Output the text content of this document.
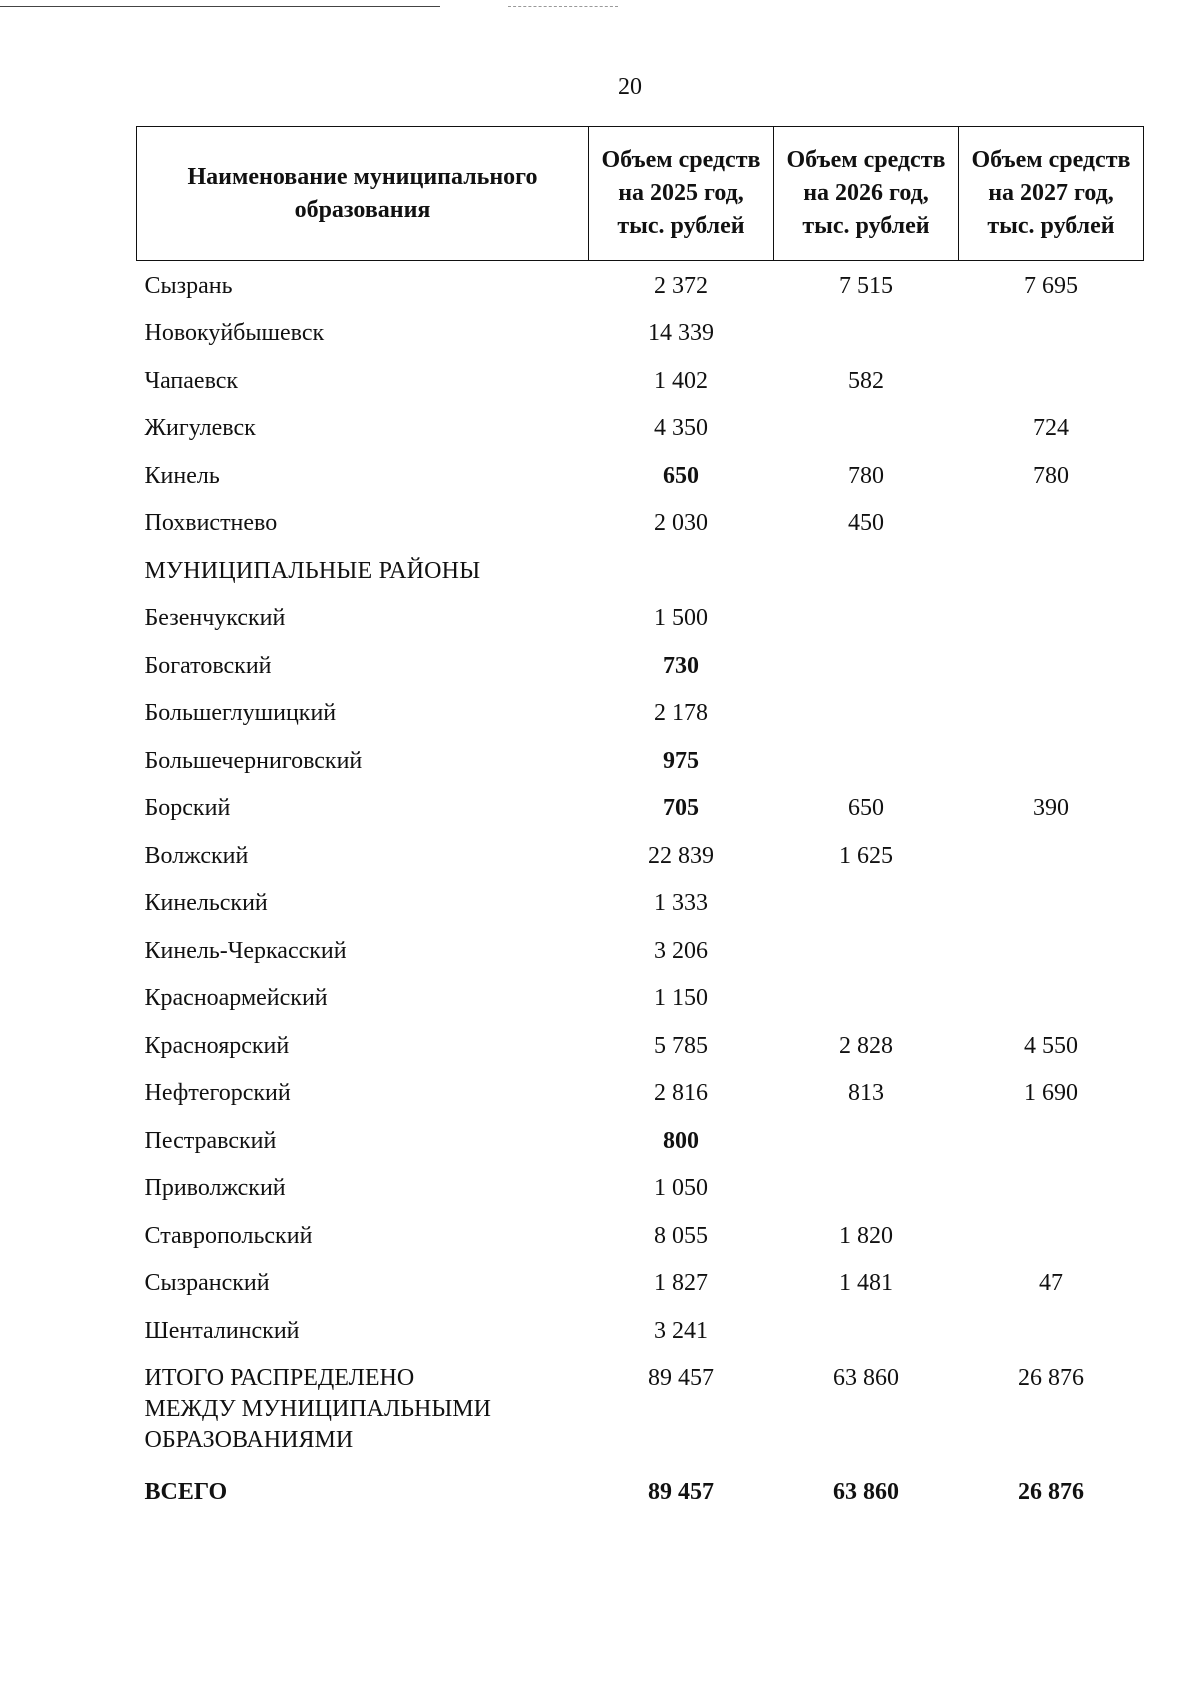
20
Наименование муниципального образования	Объем средств на 2025 год, тыс. рублей	Объем средств на 2026 год, тыс. рублей	Объем средств на 2027 год, тыс. рублей
Сызрань	2 372	7 515	7 695
Новокуйбышевск	14 339		
Чапаевск	1 402	582	
Жигулевск	4 350		724
Кинель	650	780	780
Похвистнево	2 030	450	
МУНИЦИПАЛЬНЫЕ РАЙОНЫ			
Безенчукский	1 500		
Богатовский	730		
Большеглушицкий	2 178		
Большечерниговский	975		
Борский	705	650	390
Волжский	22 839	1 625	
Кинельский	1 333		
Кинель-Черкасский	3 206		
Красноармейский	1 150		
Красноярский	5 785	2 828	4 550
Нефтегорский	2 816	813	1 690
Пестравский	800		
Приволжский	1 050		
Ставропольский	8 055	1 820	
Сызранский	1 827	1 481	47
Шенталинский	3 241		

ИТОГО РАСПРЕДЕЛЕНО
МЕЖДУ МУНИЦИПАЛЬНЫМИ
ОБРАЗОВАНИЯМИ	89 457	63 860	26 876
ВСЕГО	89 457	63 860	26 876
